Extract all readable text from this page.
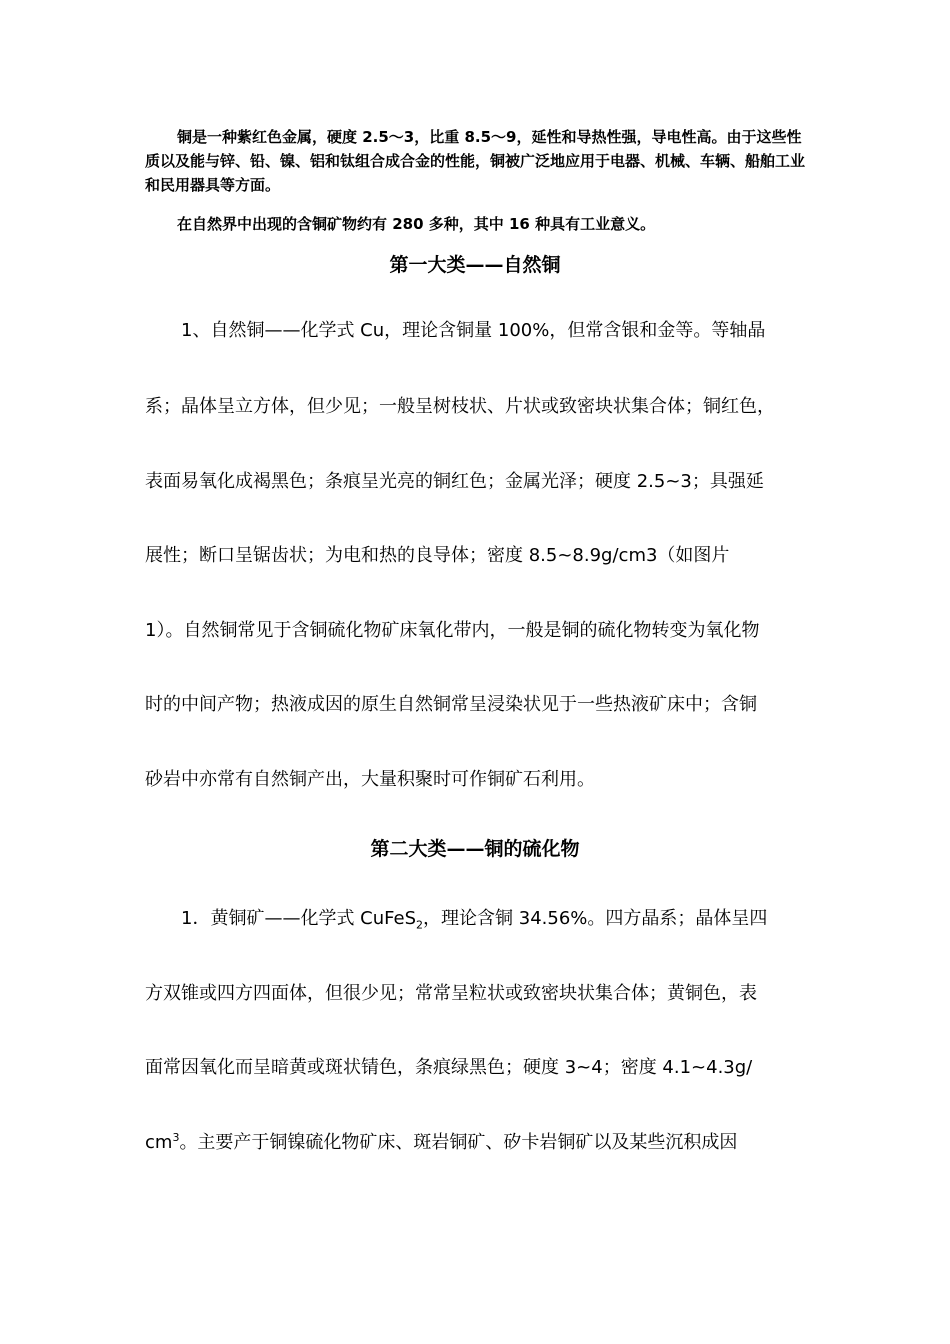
铜是一种紫红色金属，硬度 2.5～3，比重 8.5～9，延性和导热性强，导电性高。由于这些性质以及能与锌、铅、镍、铝和钛组合成合金的性能，铜被广泛地应用于电器、机械、车辆、船舶工业和民用器具等方面。
在自然界中出现的含铜矿物约有 280 多种，其中 16 种具有工业意义。
第一大类——自然铜
1、自然铜——化学式 Cu，理论含铜量 100%，但常含银和金等。等轴晶
系；晶体呈立方体，但少见；一般呈树枝状、片状或致密块状集合体；铜红色，
表面易氧化成褐黑色；条痕呈光亮的铜红色；金属光泽；硬度 2.5~3；具强延
展性；断口呈锯齿状；为电和热的良导体；密度 8.5~8.9g/cm3（如图片
1）。自然铜常见于含铜硫化物矿床氧化带内，一般是铜的硫化物转变为氧化物
时的中间产物；热液成因的原生自然铜常呈浸染状见于一些热液矿床中；含铜
砂岩中亦常有自然铜产出，大量积聚时可作铜矿石利用。
第二大类——铜的硫化物
1．黄铜矿——化学式 CuFeS$_2$，理论含铜 34.56%。四方晶系；晶体呈四
方双锥或四方四面体，但很少见；常常呈粒状或致密块状集合体；黄铜色，表
面常因氧化而呈暗黄或斑状锖色，条痕绿黑色；硬度 3~4；密度 4.1~4.3g/
$cm^3$。主要产于铜镍硫化物矿床、斑岩铜矿、矽卡岩铜矿以及某些沉积成因
